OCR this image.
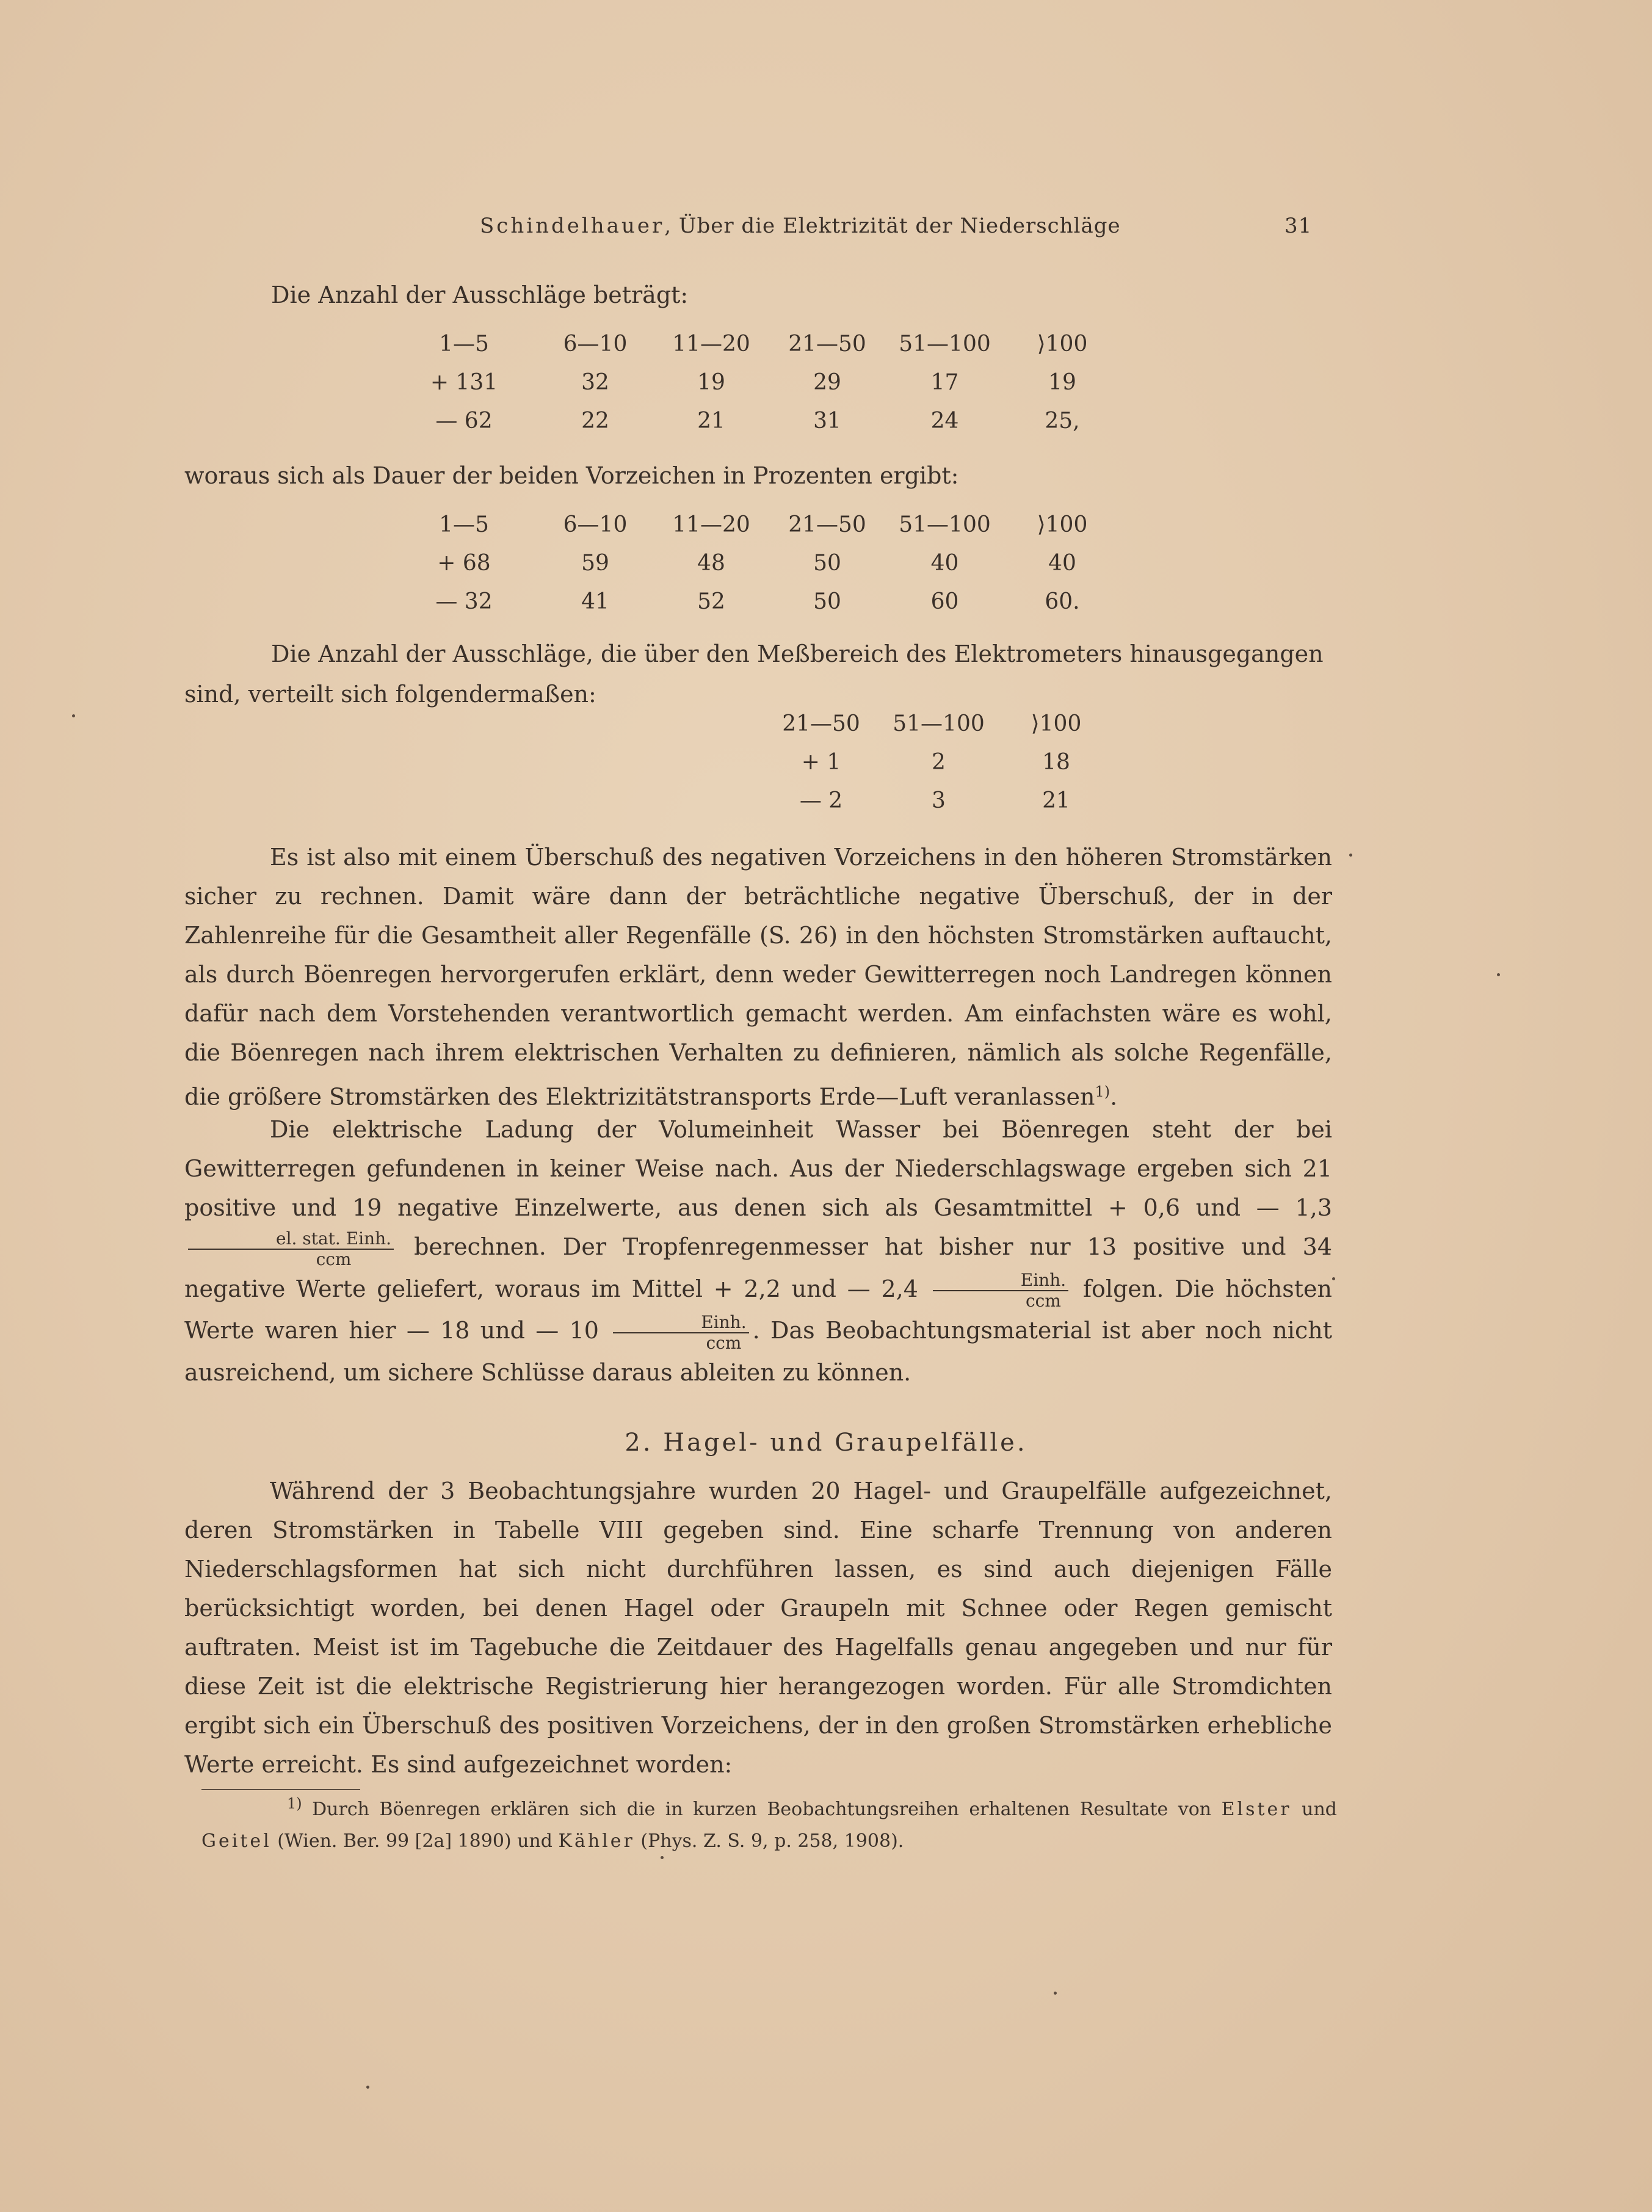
Schindelhauer, Über die Elektrizität der Niederschläge	31
Die Anzahl der Ausschläge beträgt:
1—5	6—10	11—20	21—50	51—100	⟩100
+ 131	32	19	29	17	19
— 62	22	21	31	24	25,
woraus sich als Dauer der beiden Vorzeichen in Prozenten ergibt:
1—5	6—10	11—20	21—50	51—100	⟩100
+ 68	59	48	50	40	40
— 32	41	52	50	60	60.
Die Anzahl der Ausschläge, die über den Meßbereich des Elektrometers hinausgegangen
sind, verteilt sich folgendermaßen:
21—50	51—100	⟩100
+ 1	2	18
— 2	3	21

Es ist also mit einem Überschuß des negativen Vorzeichens in den höheren Stromstärken sicher zu rechnen. Damit wäre dann der beträchtliche negative Überschuß, der in der Zahlenreihe für die Gesamtheit aller Regenfälle (S. 26) in den höchsten Stromstärken auftaucht, als durch Böenregen hervorgerufen erklärt, denn weder Gewitterregen noch Landregen können dafür nach dem Vorstehenden verantwortlich gemacht werden. Am einfachsten wäre es wohl, die Böenregen nach ihrem elektrischen Verhalten zu definieren, nämlich als solche Regenfälle, die größere Stromstärken des Elektrizitätstransports Erde—Luft veranlassen$^{1)}$.

Die elektrische Ladung der Volumeinheit Wasser bei Böenregen steht der bei Gewitterregen gefundenen in keiner Weise nach. Aus der Niederschlagswage ergeben sich 21 positive und 19 negative Einzelwerte, aus denen sich als Gesamtmittel + 0,6 und — 1,3
$\frac{\text{el. stat. Einh.}}{\text{ccm}}$ berechnen. Der Tropfenregenmesser hat bisher nur 13 positive und 34 negative Werte geliefert, woraus im Mittel + 2,2 und — $2,4 \frac{\text{Einh.}}{\text{ccm}}$ folgen. Die höchsten Werte waren hier — 18 und — $10 \frac{\text{Einh.}}{\text{ccm}}$ . Das Beobachtungsmaterial ist aber noch nicht ausreichend, um sichere Schlüsse daraus ableiten zu können.

2. Hagel- und Graupelfälle.

Während der 3 Beobachtungsjahre wurden 20 Hagel- und Graupelfälle aufgezeichnet, deren Stromstärken in Tabelle VIII gegeben sind. Eine scharfe Trennung von anderen Niederschlagsformen hat sich nicht durchführen lassen, es sind auch diejenigen Fälle berücksichtigt worden, bei denen Hagel oder Graupeln mit Schnee oder Regen gemischt auftraten. Meist ist im Tagebuche die Zeitdauer des Hagelfalls genau angegeben und nur für diese Zeit ist die elektrische Registrierung hier herangezogen worden. Für alle Stromdichten ergibt sich ein Überschuß des positiven Vorzeichens, der in den großen Stromstärken erhebliche Werte erreicht. Es sind aufgezeichnet worden:

$^{1)}$ Durch Böenregen erklären sich die in kurzen Beobachtungsreihen erhaltenen Resultate von Elster und Geitel (Wien. Ber. 99 [2a] 1890) und Kähler (Phys. Z. S. 9, p. 258, 1908).
